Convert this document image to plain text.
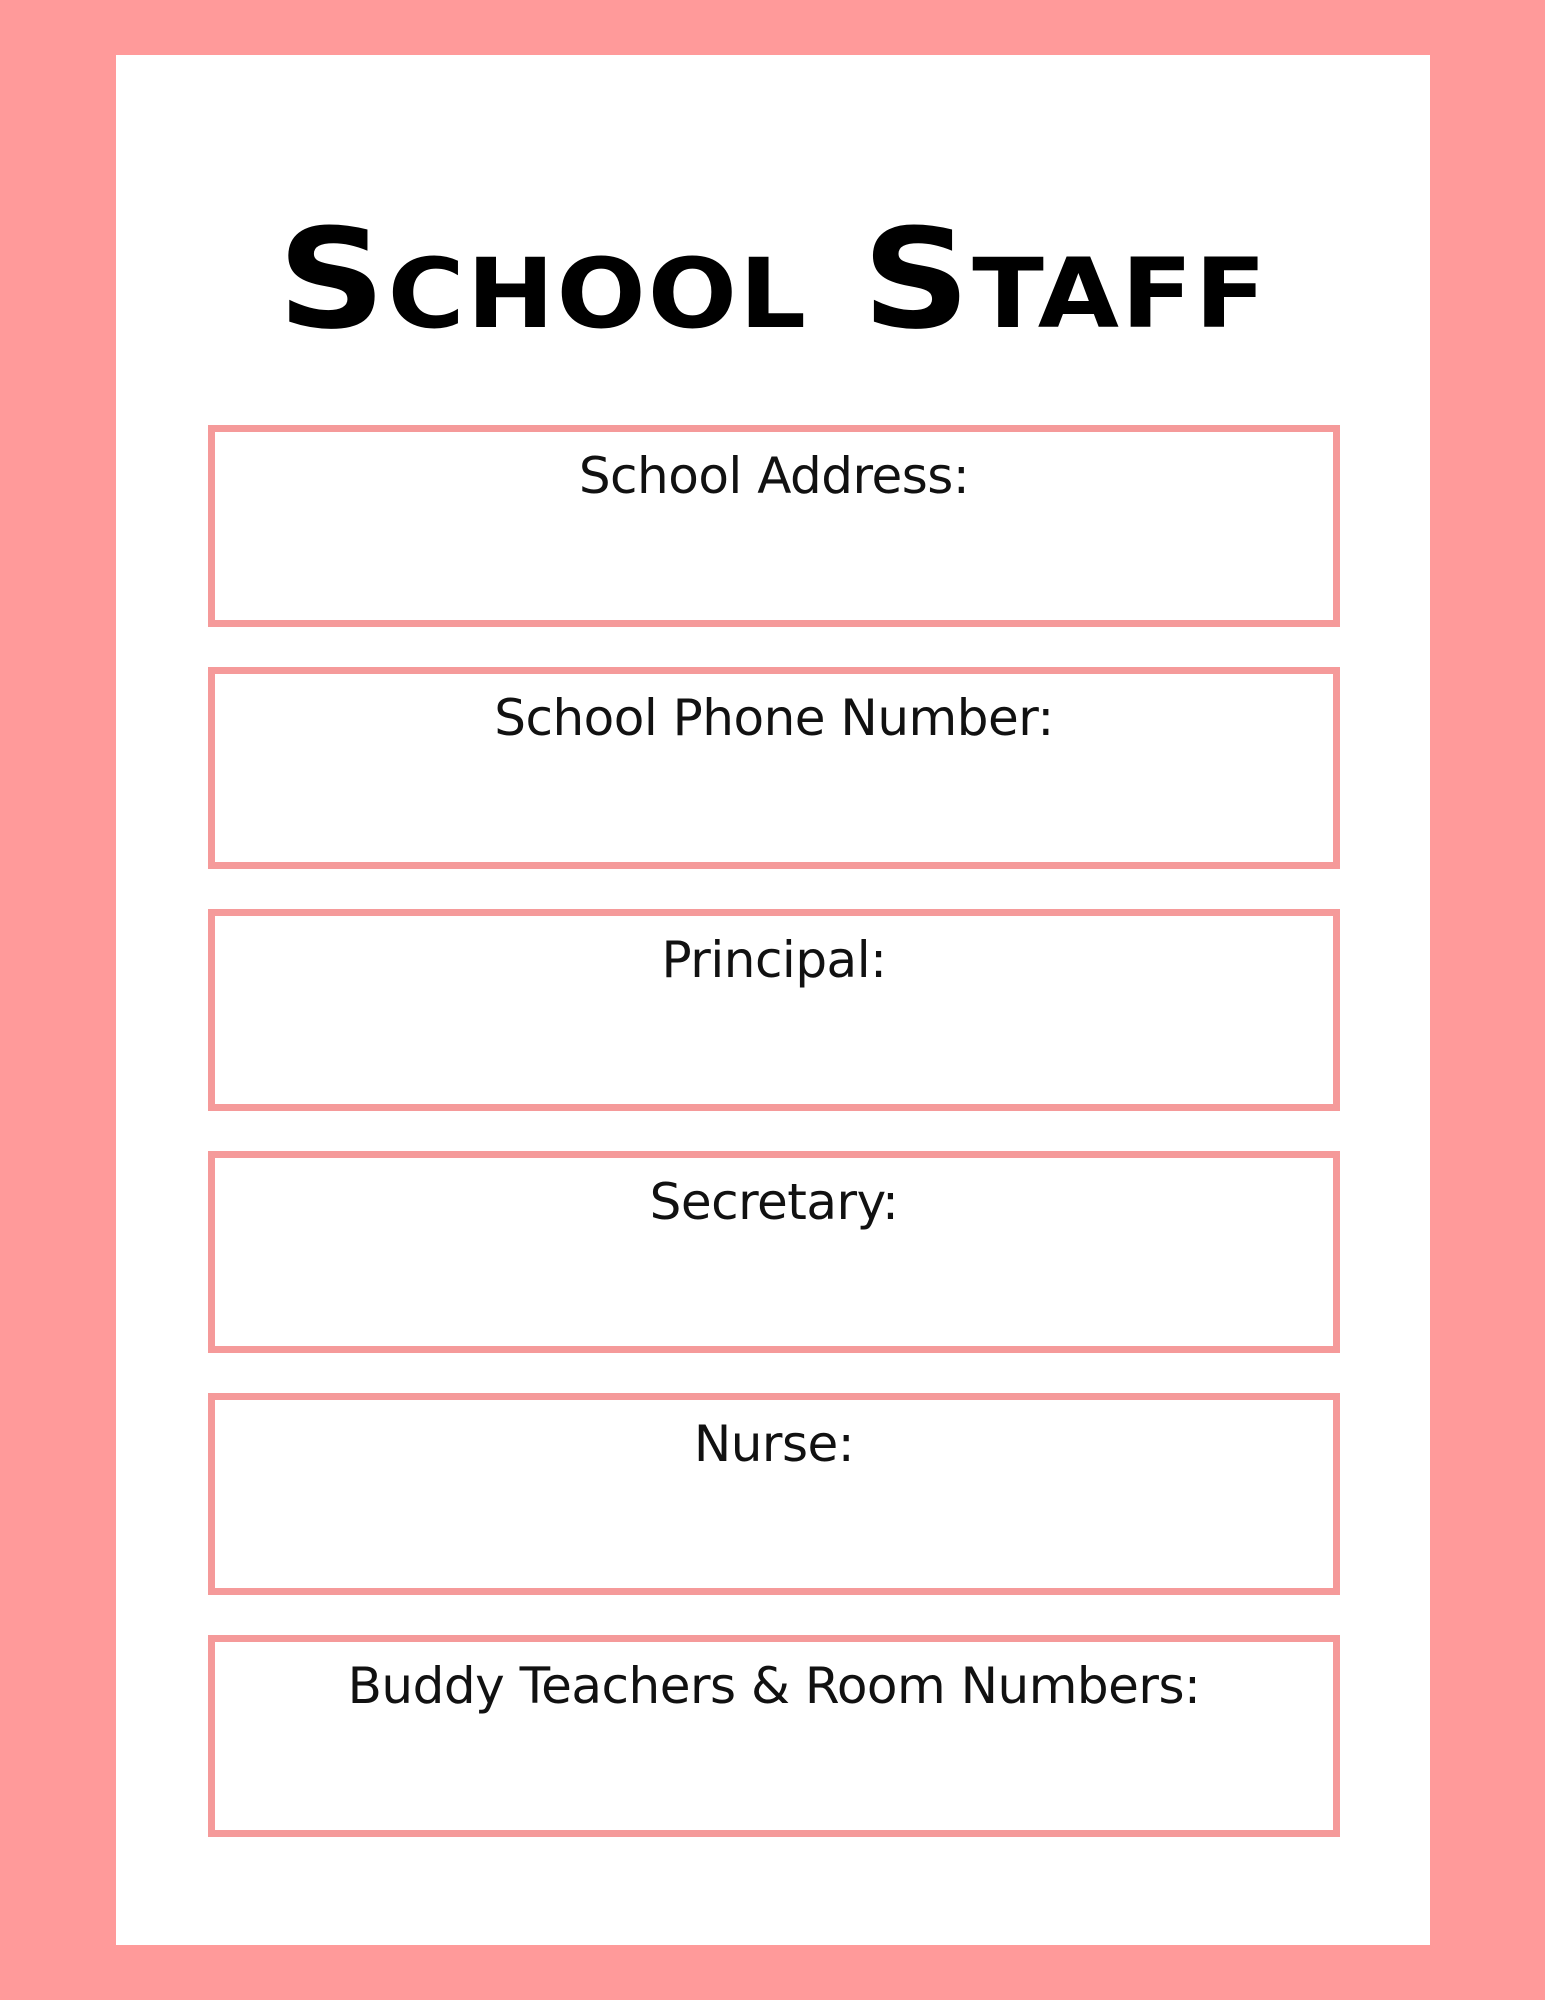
School Staff
School Address:
School Phone Number:
Principal:
Secretary:
Nurse:
Buddy Teachers & Room Numbers:
